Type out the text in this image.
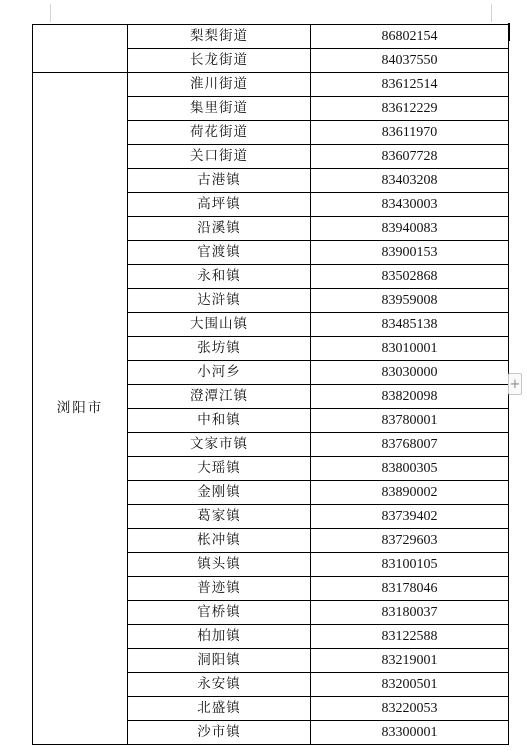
	梨梨街道	86802154
	长龙街道	84037550
浏阳市	淮川街道	83612514
	集里街道	83612229
	荷花街道	83611970
	关口街道	83607728
	古港镇	83403208
	高坪镇	83430003
	沿溪镇	83940083
	官渡镇	83900153
	永和镇	83502868
	达浒镇	83959008
	大围山镇	83485138
	张坊镇	83010001
	小河乡	83030000
	澄潭江镇	83820098
	中和镇	83780001
	文家市镇	83768007
	大瑶镇	83800305
	金刚镇	83890002
	葛家镇	83739402
	枨冲镇	83729603
	镇头镇	83100105
	普迹镇	83178046
	官桥镇	83180037
	柏加镇	83122588
	洞阳镇	83219001
	永安镇	83200501
	北盛镇	83220053
	沙市镇	83300001
+
